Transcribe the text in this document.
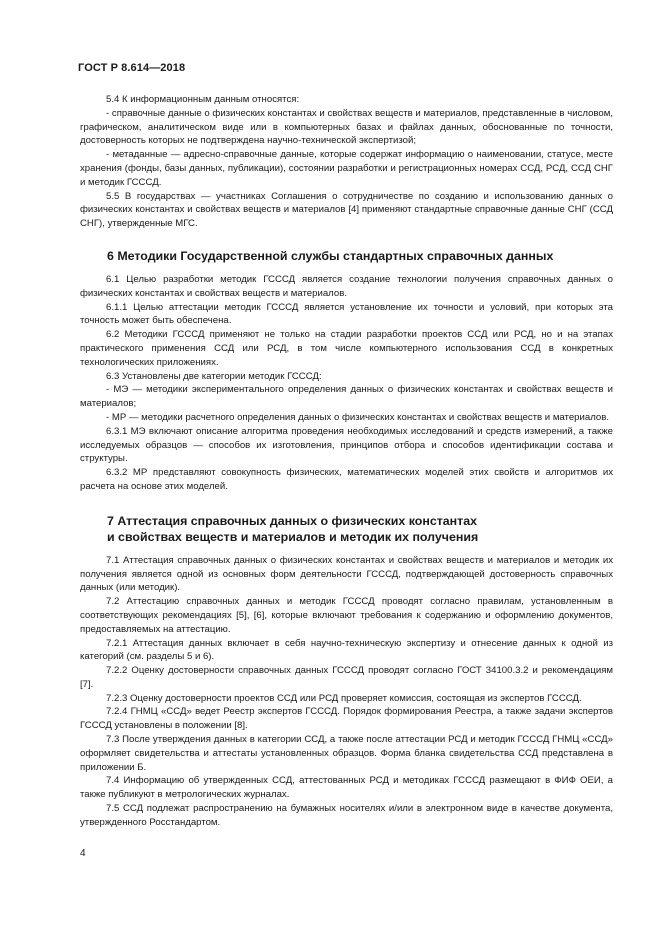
ГОСТ Р 8.614—2018

5.4 К информационным данным относятся:

- справочные данные о физических константах и свойствах веществ и материалов, представленные в числовом, графическом, аналитическом виде или в компьютерных базах и файлах данных, обоснованные по точности, достоверность которых не подтверждена научно-технической экспертизой;

- метаданные — адресно-справочные данные, которые содержат информацию о наименовании, статусе, месте хранения (фонды, базы данных, публикации), состоянии разработки и регистрационных номерах ССД, РСД, ССД СНГ и методик ГСССД.

5.5 В государствах — участниках Соглашения о сотрудничестве по созданию и использованию данных о физических константах и свойствах веществ и материалов [4] применяют стандартные справочные данные СНГ (ССД СНГ), утвержденные МГС.

6 Методики Государственной службы стандартных справочных данных

6.1 Целью разработки методик ГСССД является создание технологии получения справочных данных о физических константах и свойствах веществ и материалов.

6.1.1 Целью аттестации методик ГСССД является установление их точности и условий, при которых эта точность может быть обеспечена.

6.2 Методики ГСССД применяют не только на стадии разработки проектов ССД или РСД, но и на этапах практического применения ССД или РСД, в том числе компьютерного использования ССД в конкретных технологических приложениях.

6.3 Установлены две категории методик ГСССД:

- МЭ — методики экспериментального определения данных о физических константах и свойствах веществ и материалов;

- МР — методики расчетного определения данных о физических константах и свойствах веществ и материалов.

6.3.1 МЭ включают описание алгоритма проведения необходимых исследований и средств измерений, а также исследуемых образцов — способов их изготовления, принципов отбора и способов идентификации состава и структуры.

6.3.2 МР представляют совокупность физических, математических моделей этих свойств и алгоритмов их расчета на основе этих моделей.

7 Аттестация справочных данных о физических константах

и свойствах веществ и материалов и методик их получения

7.1 Аттестация справочных данных о физических константах и свойствах веществ и материалов и методик их получения является одной из основных форм деятельности ГСССД, подтверждающей достоверность справочных данных (или методик).

7.2 Аттестацию справочных данных и методик ГСССД проводят согласно правилам, установленным в соответствующих рекомендациях [5], [6], которые включают требования к содержанию и оформлению документов, предоставляемых на аттестацию.

7.2.1 Аттестация данных включает в себя научно-техническую экспертизу и отнесение данных к одной из категорий (см. разделы 5 и 6).

7.2.2 Оценку достоверности справочных данных ГСССД проводят согласно ГОСТ 34100.3.2 и рекомендациям [7].

7.2.3 Оценку достоверности проектов ССД или РСД проверяет комиссия, состоящая из экспертов ГСССД.

7.2.4 ГНМЦ «ССД» ведет Реестр экспертов ГСССД. Порядок формирования Реестра, а также задачи экспертов ГСССД установлены в положении [8].

7.3 После утверждения данных в категории ССД, а также после аттестации РСД и методик ГСССД ГНМЦ «ССД» оформляет свидетельства и аттестаты установленных образцов. Форма бланка свидетельства ССД представлена в приложении Б.

7.4 Информацию об утвержденных ССД, аттестованных РСД и методиках ГСССД размещают в ФИФ ОЕИ, а также публикуют в метрологических журналах.

7.5 ССД подлежат распространению на бумажных носителях и/или в электронном виде в качестве документа, утвержденного Росстандартом.

4
